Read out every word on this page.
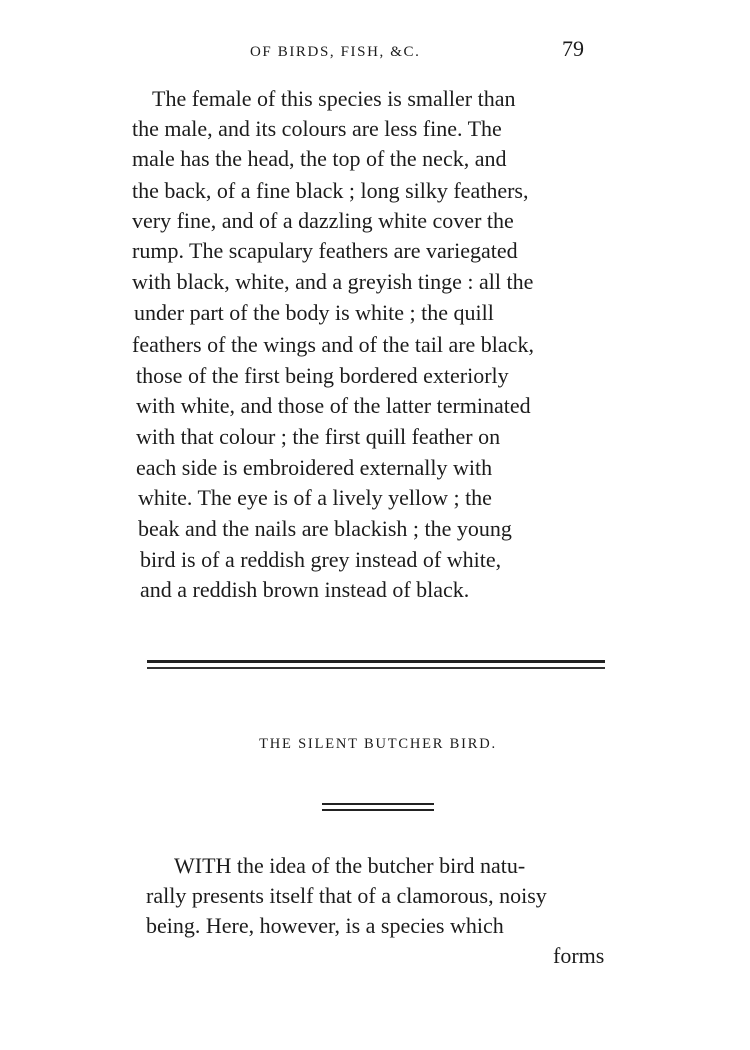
OF BIRDS, FISH, &C.	79
The female of this species is smaller than
the male, and its colours are less fine. The
male has the head, the top of the neck, and
the back, of a fine black ; long silky feathers,
very fine, and of a dazzling white cover the
rump. The scapulary feathers are variegated
with black, white, and a greyish tinge : all the
under part of the body is white ; the quill
feathers of the wings and of the tail are black,
those of the first being bordered exteriorly
with white, and those of the latter terminated
with that colour ; the first quill feather on
each side is embroidered externally with
white. The eye is of a lively yellow ; the
beak and the nails are blackish ; the young
bird is of a reddish grey instead of white,
and a reddish brown instead of black.
THE SILENT BUTCHER BIRD.
WITH the idea of the butcher bird natu-
rally presents itself that of a clamorous, noisy
being. Here, however, is a species which
forms
